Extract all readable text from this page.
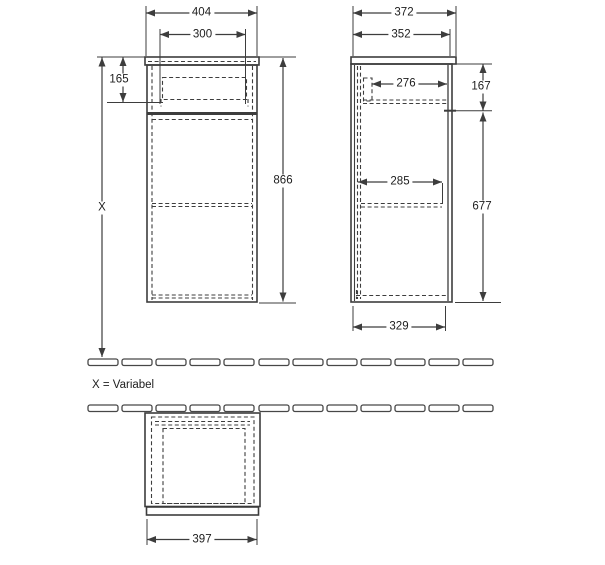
404
300
165
X
866
372
352
276	167
285
677
329
397
X = Variabel
